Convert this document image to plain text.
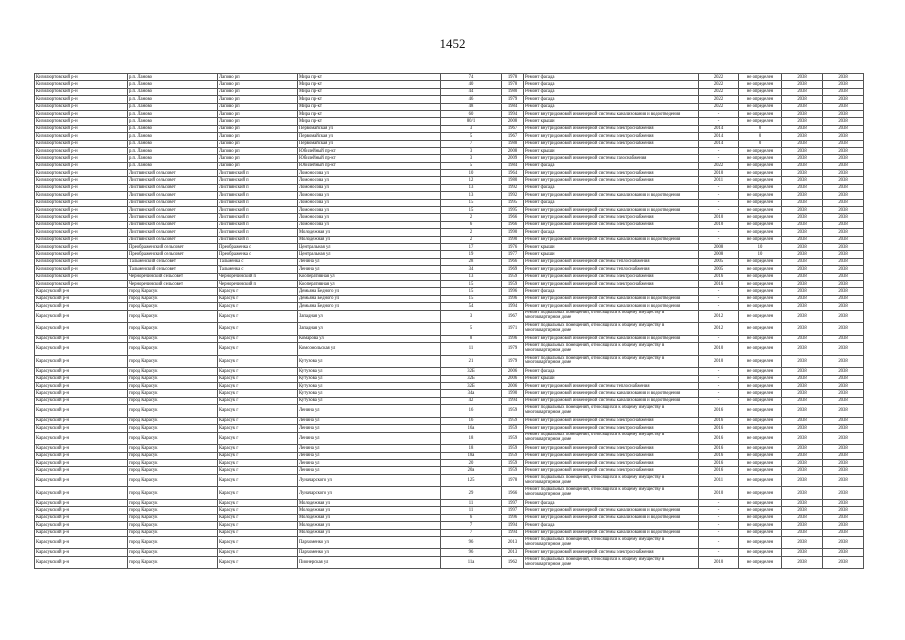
1452
Кизилюртовский р-н	р.п. Ланово	Лапово рп	Мира пр-кт	74	1978	Ремонт фасада	2022	не определен	2038	2038
Кизилюртовский р-н	р.п. Ланово	Лапово рп	Мира пр-кт	40	1978	Ремонт фасада	2022	не определен	2038	2038
Кизилюртовский р-н	р.п. Ланово	Лапово рп	Мира пр-кт	44	1980	Ремонт фасада	2022	не определен	2038	2038
Кизилюртовский р-н	р.п. Ланово	Лапово рп	Мира пр-кт	46	1979	Ремонт фасада	2022	не определен	2038	2038
Кизилюртовский р-н	р.п. Ланово	Лапово рп	Мира пр-кт	48	1984	Ремонт фасада	2022	не определен	2038	2038
Кизилюртовский р-н	р.п. Ланово	Лапово рп	Мира пр-кт	60	1994	Ремонт внутридомовой инженерной системы канализования и водоотведения	-	не определен	2038	2038
Кизилюртовский р-н	р.п. Ланово	Лапово рп	Мира пр-кт	80/1	2008	Ремонт крыши	-	не определен	2038	2038
Кизилюртовский р-н	р.п. Ланово	Лапово рп	Первомайская ул	3	1967	Ремонт внутридомовой инженерной системы электроснабжения	2014	0	2038	2038
Кизилюртовский р-н	р.п. Ланово	Лапово рп	Первомайская ул	5	1967	Ремонт внутридомовой инженерной системы электроснабжения	2014	0	2038	2038
Кизилюртовский р-н	р.п. Ланово	Лапово рп	Первомайская ул	7	1988	Ремонт внутридомовой инженерной системы электроснабжения	2014	0	2038	2038
Кизилюртовский р-н	р.п. Ланово	Лапово рп	Юбилейный пр-кт	3	2008	Ремонт крыши	-	не определен	2038	2038
Кизилюртовский р-н	р.п. Ланово	Лапово рп	Юбилейный пр-кт	3	2009	Ремонт внутридомовой инженерной системы газоснабжения	-	не определен	2038	2038
Кизилюртовский р-н	р.п. Ланово	Лапово рп	Юбилейный пр-кт	5	1984	Ремонт фасада	2022	не определен	2038	2038
Кизилюртовский р-н	Листвянский сельсовет	Листвянский п	Ломоносова ул	10	1964	Ремонт внутридомовой инженерной системы электроснабжения	2010	не определен	2038	2038
Кизилюртовский р-н	Листвянский сельсовет	Листвянский п	Ломоносова ул	12	1980	Ремонт внутридомовой инженерной системы электроснабжения	2011	не определен	2038	2038
Кизилюртовский р-н	Листвянский сельсовет	Листвянский п	Ломоносова ул	13	1992	Ремонт фасада	-	не определен	2038	2038
Кизилюртовский р-н	Листвянский сельсовет	Листвянский п	Ломоносова ул	13	1992	Ремонт внутридомовой инженерной системы канализования и водоотведения	-	не определен	2038	2038
Кизилюртовский р-н	Листвянский сельсовет	Листвянский п	Ломоносова ул	15	1995	Ремонт фасада	-	не определен	2038	2038
Кизилюртовский р-н	Листвянский сельсовет	Листвянский п	Ломоносова ул	15	1995	Ремонт внутридомовой инженерной системы канализования и водоотведения	-	не определен	2038	2038
Кизилюртовский р-н	Листвянский сельсовет	Листвянский п	Ломоносова ул	2	1966	Ремонт внутридомовой инженерной системы электроснабжения	2010	не определен	2038	2038
Кизилюртовский р-н	Листвянский сельсовет	Листвянский п	Ломоносова ул	6	1966	Ремонт внутридомовой инженерной системы электроснабжения	2010	не определен	2038	2038
Кизилюртовский р-н	Листвянский сельсовет	Листвянский п	Молодежная ул	2	1990	Ремонт фасада	-	не определен	2038	2038
Кизилюртовский р-н	Листвянский сельсовет	Листвянский п	Молодежная ул	2	1990	Ремонт внутридомовой инженерной системы канализования и водоотведения	-	не определен	2038	2038
Кизилюртовский р-н	Преображенский сельсовет	Преображенка с	Центральная ул	17	1976	Ремонт крыши	2008	10	2038	2038
Кизилюртовский р-н	Преображенский сельсовет	Преображенка с	Центральная ул	19	1977	Ремонт крыши	2008	10	2038	2038
Кизилюртовский р-н	Тальменский сельсовет	Тальменка с	Ленина ул	28	1966	Ремонт внутридомовой инженерной системы теплоснабжения	2005	не определен	2038	2038
Кизилюртовский р-н	Тальменский сельсовет	Тальменка с	Ленина ул	34	1969	Ремонт внутридомовой инженерной системы теплоснабжения	2005	не определен	2038	2038
Кизилюртовский р-н	Черноречинский сельсовет	Черноречинский п	Кооперативная ул	13	1959	Ремонт внутридомовой инженерной системы электроснабжения	2016	не определен	2038	2038
Кизилюртовский р-н	Черноречинский сельсовет	Черноречинский п	Кооперативная ул	15	1959	Ремонт внутридомовой инженерной системы электроснабжения	2016	не определен	2038	2038
Карасукский р-н	город Карасук	Карасук г	Демьяна Бедного ул	15	1996	Ремонт фасада	-	не определен	2038	2038
Карасукский р-н	город Карасук	Карасук г	Демьяна Бедного ул	15	1996	Ремонт внутридомовой инженерной системы канализования и водоотведения	-	не определен	2038	2038
Карасукский р-н	город Карасук	Карасук г	Демьяна Бедного ул	54	1994	Ремонт внутридомовой инженерной системы канализования и водоотведения	-	не определен	2038	2038
Карасукский р-н	город Карасук	Карасук г	Западная ул	3	1967	Ремонт подвальных помещений, относящихся к общему имуществу в многоквартирном доме	2012	не определен	2038	2038
Карасукский р-н	город Карасук	Карасук г	Западная ул	5	1971	Ремонт подвальных помещений, относящихся к общему имуществу в многоквартирном доме	2012	не определен	2038	2038
Карасукский р-н	город Карасук	Карасук г	Комарова ул	8	1996	Ремонт внутридомовой инженерной системы канализования и водоотведения	-	не определен	2038	2038
Карасукский р-н	город Карасук	Карасук г	Комсомольская ул	11	1979	Ремонт подвальных помещений, относящихся к общему имуществу в многоквартирном доме	2010	не определен	2038	2038
Карасукский р-н	город Карасук	Карасук г	Кутузова ул	21	1979	Ремонт подвальных помещений, относящихся к общему имуществу в многоквартирном доме	2010	не определен	2038	2038
Карасукский р-н	город Карасук	Карасук г	Кутузова ул	32Б	2006	Ремонт фасада	-	не определен	2038	2038
Карасукский р-н	город Карасук	Карасук г	Кутузова ул	32Б	2006	Ремонт крыши	-	не определен	2038	2038
Карасукский р-н	город Карасук	Карасук г	Кутузова ул	32Б	2006	Ремонт внутридомовой инженерной системы теплоснабжения	-	не определен	2038	2038
Карасукский р-н	город Карасук	Карасук г	Кутузова ул	34а	1990	Ремонт внутридомовой инженерной системы канализования и водоотведения	-	не определен	2038	2038
Карасукский р-н	город Карасук	Карасук г	Кутузова ул	42	1994	Ремонт внутридомовой инженерной системы канализования и водоотведения	-	не определен	2038	2038
Карасукский р-н	город Карасук	Карасук г	Ленина ул	16	1959	Ремонт подвальных помещений, относящихся к общему имуществу в многоквартирном доме	2016	не определен	2038	2038
Карасукский р-н	город Карасук	Карасук г	Ленина ул	16	1959	Ремонт внутридомовой инженерной системы электроснабжения	2016	не определен	2038	2038
Карасукский р-н	город Карасук	Карасук г	Ленина ул	16а	1959	Ремонт внутридомовой инженерной системы электроснабжения	2016	не определен	2038	2038
Карасукский р-н	город Карасук	Карасук г	Ленина ул	18	1959	Ремонт подвальных помещений, относящихся к общему имуществу в многоквартирном доме	2016	не определен	2038	2038
Карасукский р-н	город Карасук	Карасук г	Ленина ул	18	1959	Ремонт внутридомовой инженерной системы электроснабжения	2016	не определен	2038	2038
Карасукский р-н	город Карасук	Карасук г	Ленина ул	18а	1959	Ремонт внутридомовой инженерной системы электроснабжения	2016	не определен	2038	2038
Карасукский р-н	город Карасук	Карасук г	Ленина ул	20	1959	Ремонт внутридомовой инженерной системы электроснабжения	2016	не определен	2038	2038
Карасукский р-н	город Карасук	Карасук г	Ленина ул	20а	1959	Ремонт внутридомовой инженерной системы электроснабжения	2016	не определен	2038	2038
Карасукский р-н	город Карасук	Карасук г	Луначарского ул	125	1978	Ремонт подвальных помещений, относящихся к общему имуществу в многоквартирном доме	2011	не определен	2038	2038
Карасукский р-н	город Карасук	Карасук г	Луначарского ул	29	1966	Ремонт подвальных помещений, относящихся к общему имуществу в многоквартирном доме	2010	не определен	2038	2038
Карасукский р-н	город Карасук	Карасук г	Молодежная ул	11	1997	Ремонт фасада	-	не определен	2038	2038
Карасукский р-н	город Карасук	Карасук г	Молодежная ул	11	1997	Ремонт внутридомовой инженерной системы канализования и водоотведения	-	не определен	2038	2038
Карасукский р-н	город Карасук	Карасук г	Молодежная ул	6	1996	Ремонт внутридомовой инженерной системы канализования и водоотведения	-	не определен	2038	2038
Карасукский р-н	город Карасук	Карасук г	Молодежная ул	7	1994	Ремонт фасада	-	не определен	2038	2038
Карасукский р-н	город Карасук	Карасук г	Молодежная ул	7	1994	Ремонт внутридомовой инженерной системы канализования и водоотведения	-	не определен	2038	2038
Карасукский р-н	город Карасук	Карасук г	Пархоменко ул	96	2013	Ремонт подвальных помещений, относящихся к общему имуществу в многоквартирном доме	-	не определен	2038	2038
Карасукский р-н	город Карасук	Карасук г	Пархоменко ул	96	2013	Ремонт внутридомовой инженерной системы электроснабжения	-	не определен	2038	2038
Карасукский р-н	город Карасук	Карасук г	Пионерская ул	11а	1962	Ремонт подвальных помещений, относящихся к общему имуществу в многоквартирном доме	2010	не определен	2038	2038
